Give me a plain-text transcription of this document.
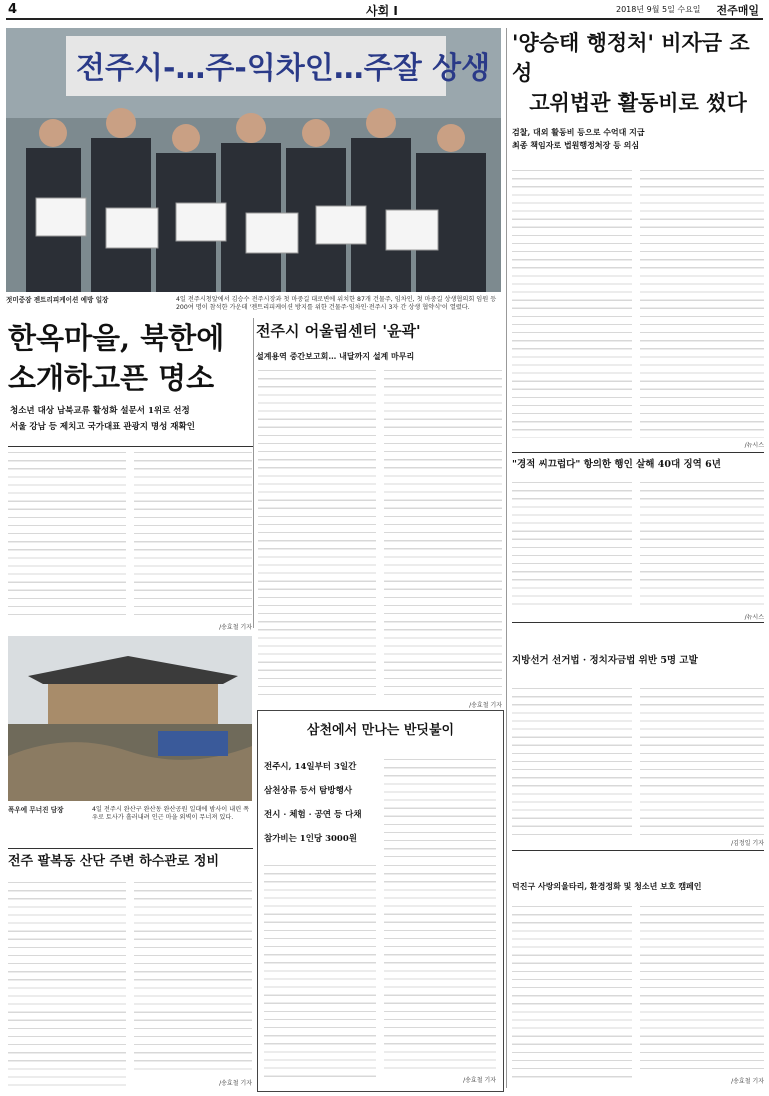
4	사회 Ⅰ	2018년 9월 5일 수요일 전주매일
전주시-…주-익차인…주잘 상생
젓미중잠 젠트리피케이션 예방 일장	4일 전주시청앞에서 김승수 전주시장과 첫 마중길 대로변에 위치한 87개 건물주, 임차인, 첫 마중길 상생협의회 임원 등 200여 명이 참석한 가운데 '젠트리피케이션 방지를 위한 건물주·임차인·전주시 3자 간 상생 협약식'이 열렸다.
'양승태 행정처' 비자금 조성
고위법관 활동비로 썼다
검찰, 대외 활동비 등으로 수억대 지급
최종 책임자로 법원행정처장 등 의심
/뉴시스
"경적 씨끄럽다" 항의한 행인 살해 40대 징역 6년
/뉴시스
지방선거 선거법 · 정치자금법 위반 5명 고발
/김정일 기자
덕진구 사랑의울타리, 환경정화 및 청소년 보호 캠페인
/송효철 기자
한옥마을, 북한에
소개하고픈 명소
청소년 대상 남북교류 활성화 설문서 1위로 선정
서울 강남 등 제치고 국가대표 관광지 명성 재확인
/송효철 기자
전주시 어울림센터 '윤곽'
설계용역 중간보고회… 내달까지 설계 마무리
/송효철 기자
폭우에 무너진 담장	4일 전주시 완산구 완산동 완산공원 일대에 밤사이 내린 폭우로 토사가 흘러내려 인근 마을 외벽이 무너져 있다.
전주 팔복동 산단 주변 하수관로 정비
/송효철 기자
삼천에서 만나는 반딧불이
전주시, 14일부터 3일간
삼천상류 등서 탐방행사
전시 · 체험 · 공연 등 다채
참가비는 1인당 3000원
/송효철 기자
